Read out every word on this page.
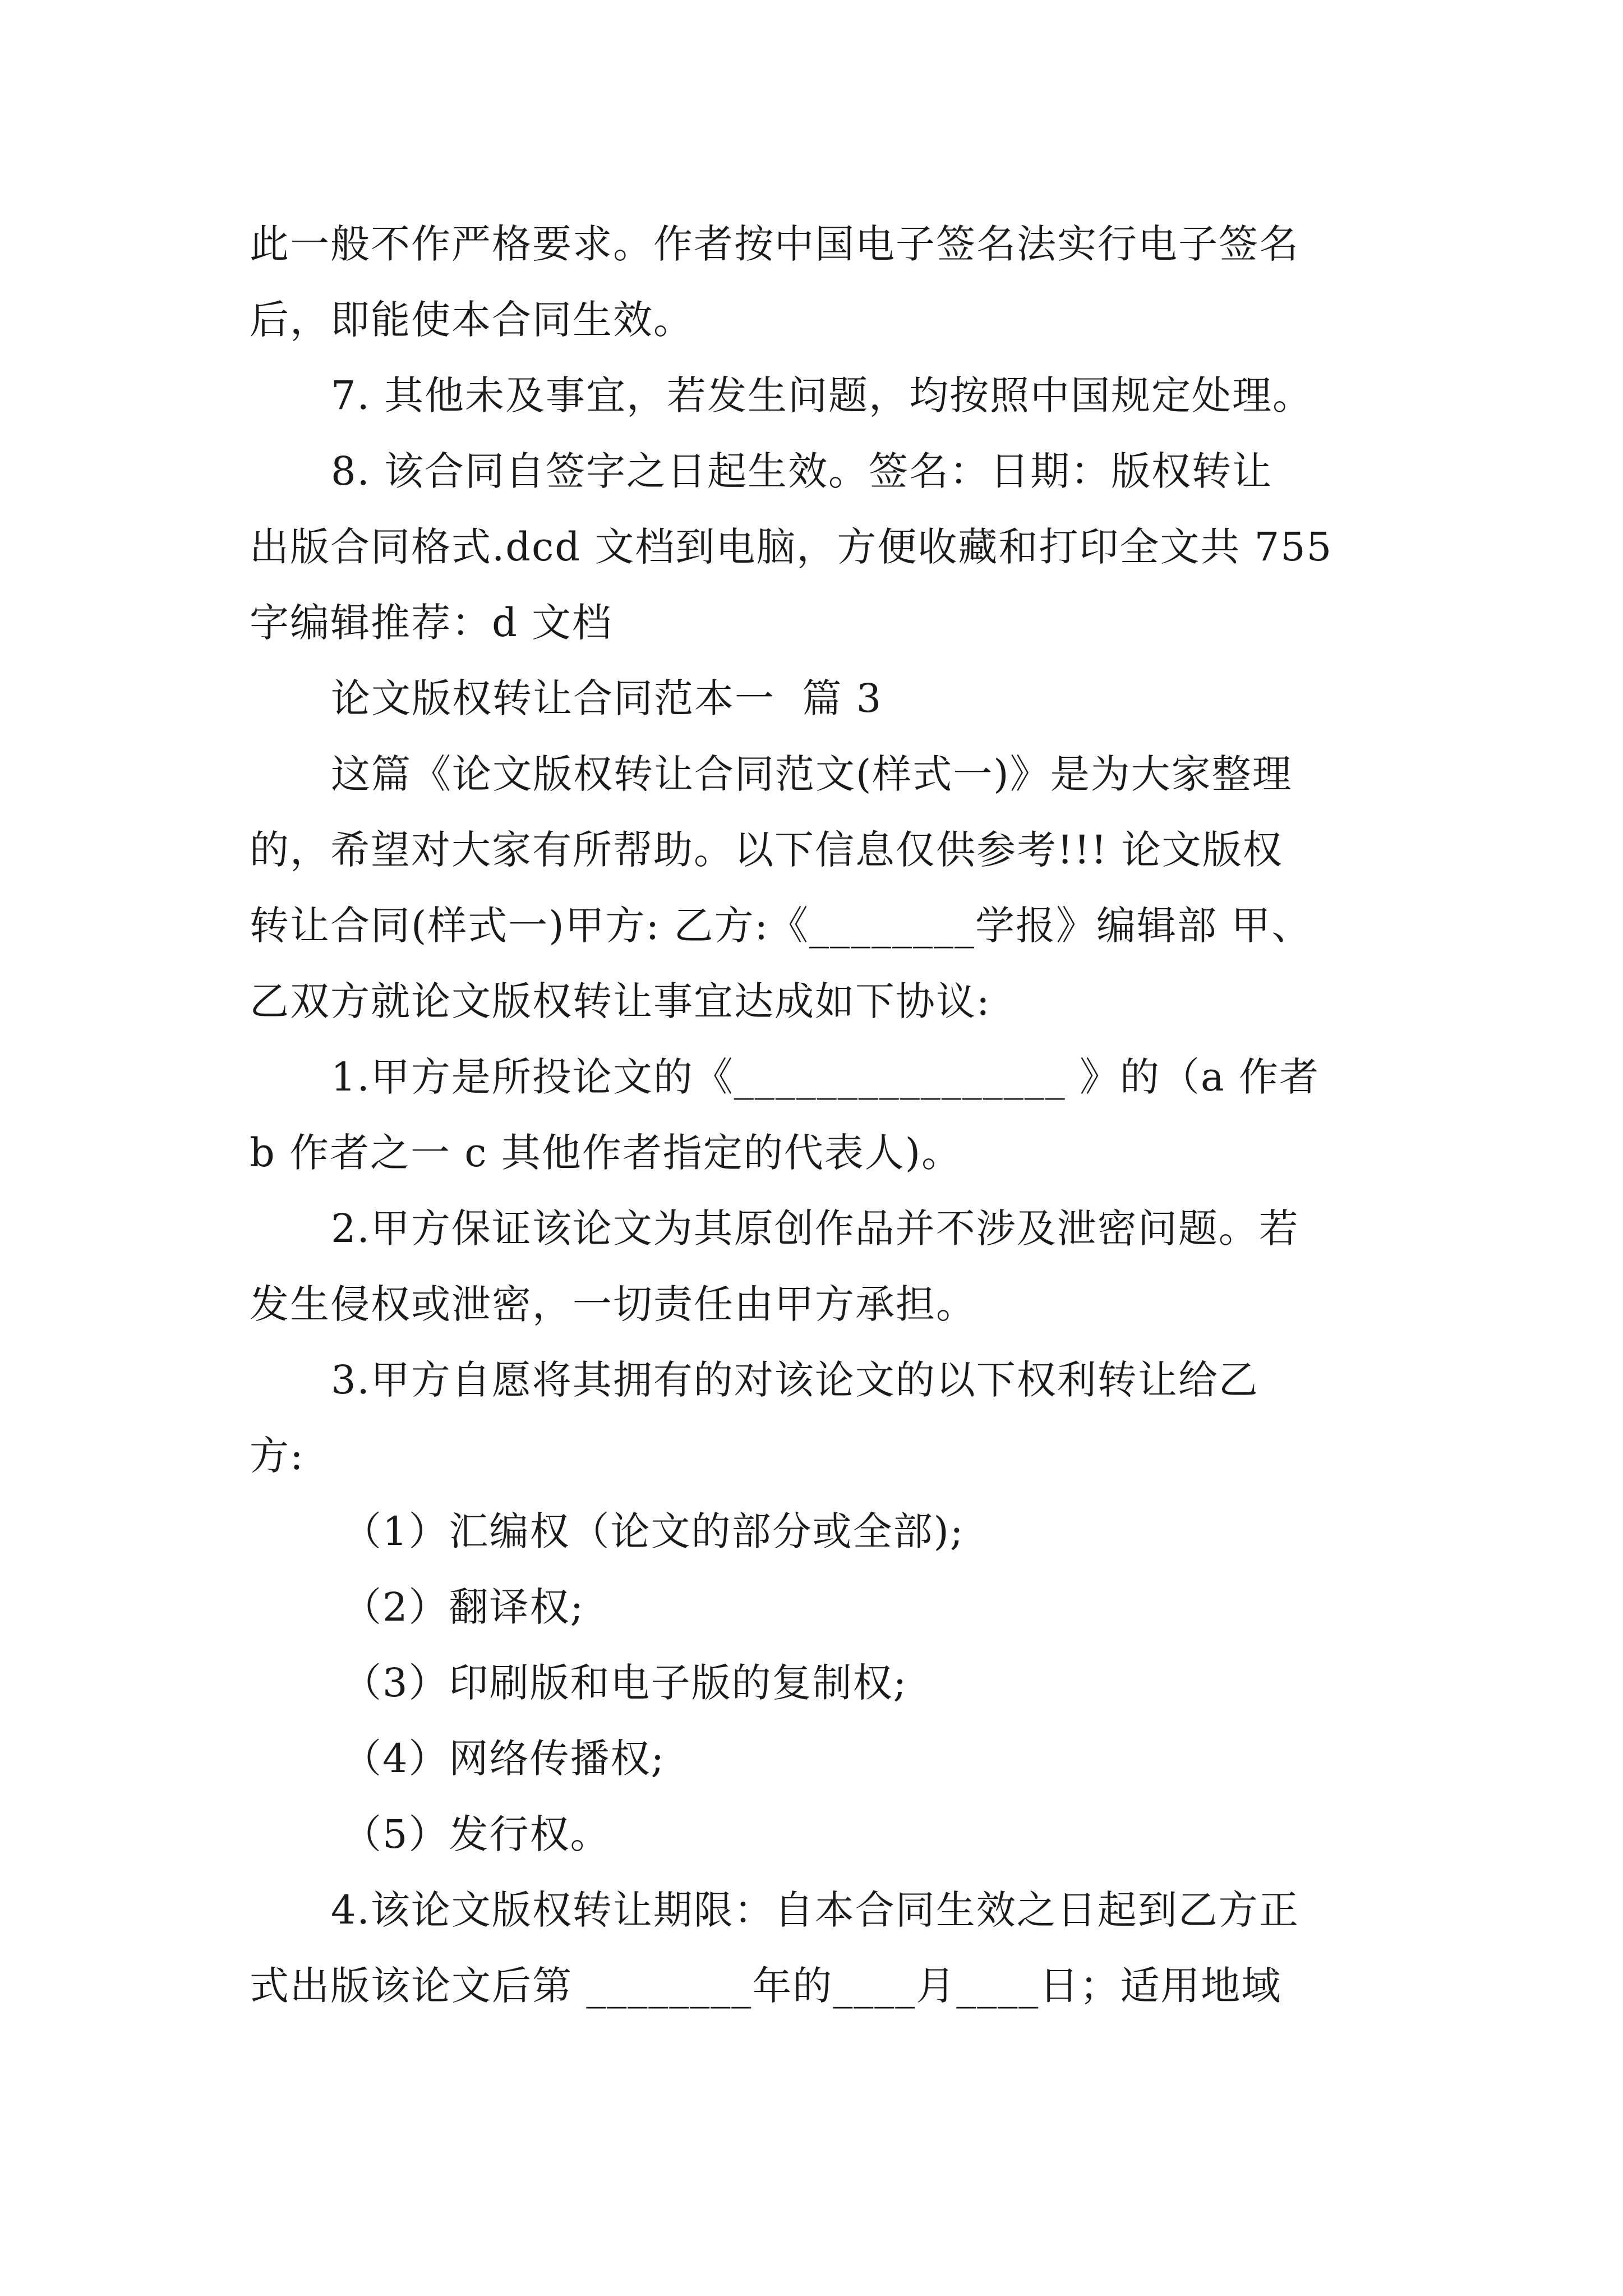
此一般不作严格要求。作者按中国电子签名法实行电子签名
后，即能使本合同生效。
7. 其他未及事宜，若发生问题，均按照中国规定处理。
8. 该合同自签字之日起生效。签名：日期：版权转让
出版合同格式.dcd 文档到电脑，方便收藏和打印全文共 755
字编辑推荐：d 文档
论文版权转让合同范本一  篇 3
这篇《论文版权转让合同范文(样式一)》是为大家整理
的，希望对大家有所帮助。以下信息仅供参考!!! 论文版权
转让合同(样式一)甲方: 乙方:《________学报》编辑部 甲、
乙双方就论文版权转让事宜达成如下协议:
1.甲方是所投论文的《________________ 》的（a 作者
b 作者之一 c 其他作者指定的代表人)。
2.甲方保证该论文为其原创作品并不涉及泄密问题。若
发生侵权或泄密，一切责任由甲方承担。
3.甲方自愿将其拥有的对该论文的以下权利转让给乙
方:
（1）汇编权（论文的部分或全部);
（2）翻译权;
（3）印刷版和电子版的复制权;
（4）网络传播权;
（5）发行权。
4.该论文版权转让期限：自本合同生效之日起到乙方正
式出版该论文后第 ________年的____月____日；适用地域
